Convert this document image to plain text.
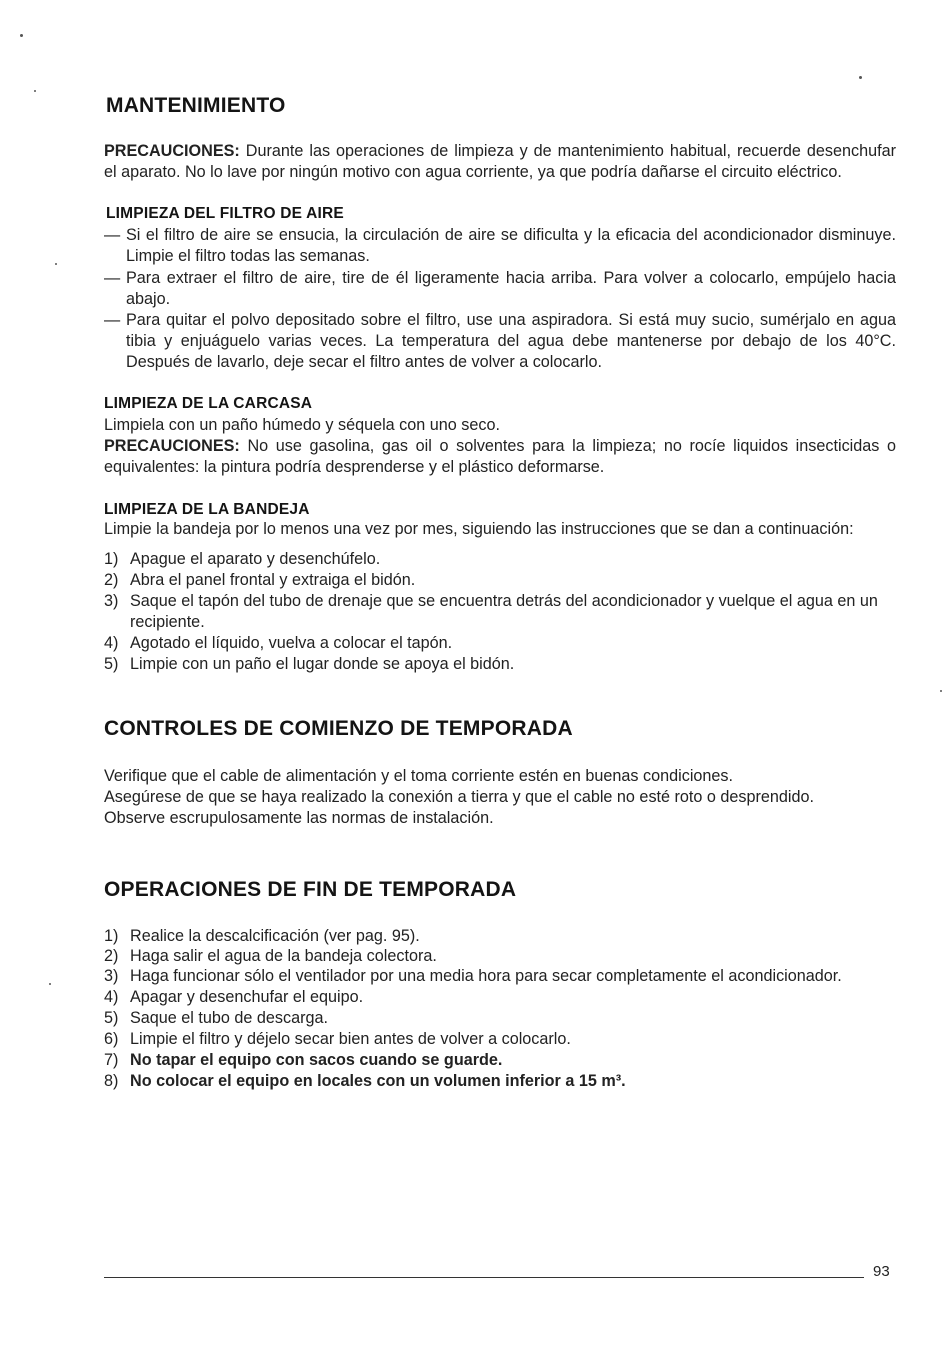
MANTENIMIENTO
PRECAUCIONES: Durante las operaciones de limpieza y de mantenimiento habitual, recuerde desenchufar el aparato. No lo lave por ningún motivo con agua corriente, ya que podría dañarse el circuito eléctrico.
LIMPIEZA DEL FILTRO DE AIRE
— Si el filtro de aire se ensucia, la circulación de aire se dificulta y la eficacia del acondicionador disminuye. Limpie el filtro todas las semanas.
— Para extraer el filtro de aire, tire de él ligeramente hacia arriba. Para volver a colocarlo, empújelo hacia abajo.
— Para quitar el polvo depositado sobre el filtro, use una aspiradora. Si está muy sucio, sumérjalo en agua tibia y enjuáguelo varias veces. La temperatura del agua debe mantenerse por debajo de los 40°C. Después de lavarlo, deje secar el filtro antes de volver a colocarlo.
LIMPIEZA DE LA CARCASA
Limpiela con un paño húmedo y séquela con uno seco.
PRECAUCIONES: No use gasolina, gas oil o solventes para la limpieza; no rocíe liquidos insecticidas o equivalentes: la pintura podría desprenderse y el plástico deformarse.
LIMPIEZA DE LA BANDEJA
Limpie la bandeja por lo menos una vez por mes, siguiendo las instrucciones que se dan a continuación:
1) Apague el aparato y desenchúfelo.
2) Abra el panel frontal y extraiga el bidón.
3) Saque el tapón del tubo de drenaje que se encuentra detrás del acondicionador y vuelque el agua en un recipiente.
4) Agotado el líquido, vuelva a colocar el tapón.
5) Limpie con un paño el lugar donde se apoya el bidón.
CONTROLES DE COMIENZO DE TEMPORADA
Verifique que el cable de alimentación y el toma corriente estén en buenas condiciones.
Asegúrese de que se haya realizado la conexión a tierra y que el cable no esté roto o desprendido.
Observe escrupulosamente las normas de instalación.
OPERACIONES DE FIN DE TEMPORADA
1) Realice la descalcificación (ver pag. 95).
2) Haga salir el agua de la bandeja colectora.
3) Haga funcionar sólo el ventilador por una media hora para secar completamente el acondicionador.
4) Apagar y desenchufar el equipo.
5) Saque el tubo de descarga.
6) Limpie el filtro y déjelo secar bien antes de volver a colocarlo.
7) No tapar el equipo con sacos cuando se guarde.
8) No colocar el equipo en locales con un volumen inferior a 15 m³.
93
